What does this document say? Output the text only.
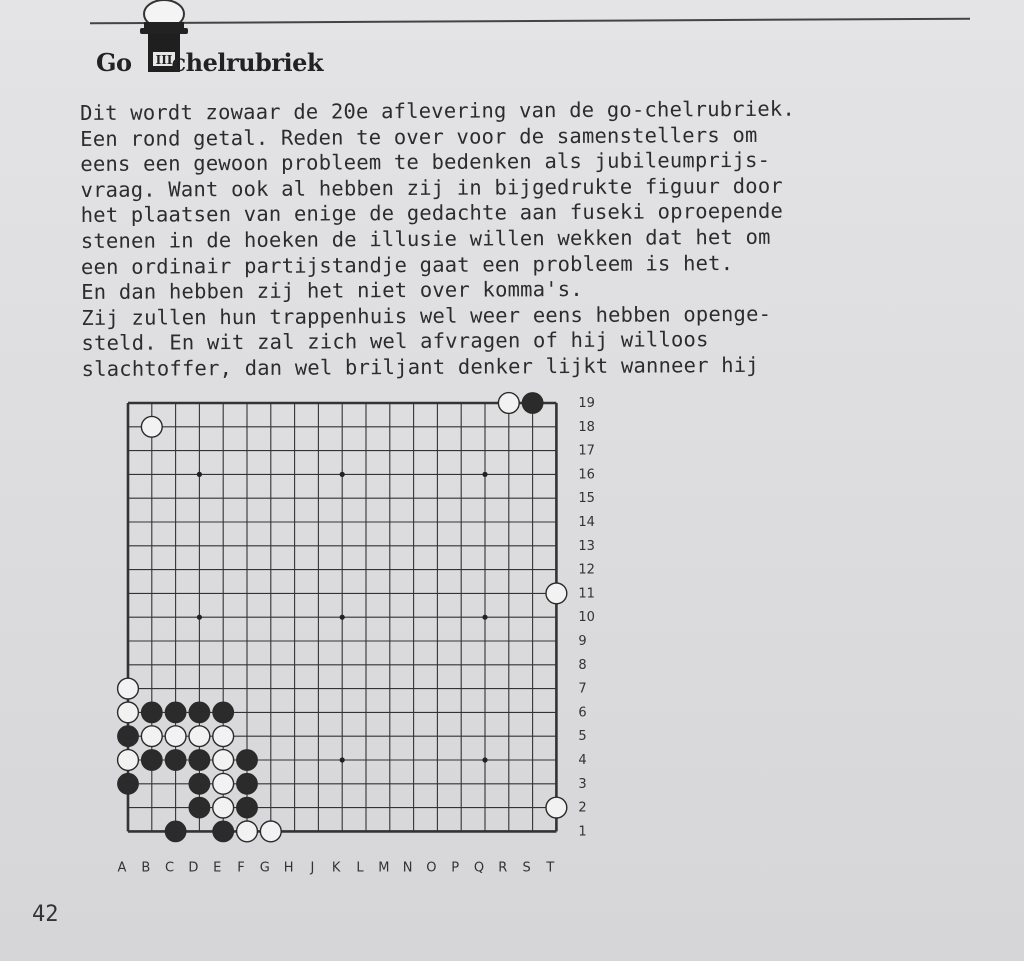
III
Go chelrubriek
Dit wordt zowaar de 20e aflevering van de go-chelrubriek.
Een rond getal. Reden te over voor de samenstellers om
eens een gewoon probleem te bedenken als jubileumprijs-
vraag. Want ook al hebben zij in bijgedrukte figuur door
het plaatsen van enige de gedachte aan fuseki oproepende
stenen in de hoeken de illusie willen wekken dat het om
een ordinair partijstandje gaat een probleem is het.
En dan hebben zij het niet over komma's.
Zij zullen hun trappenhuis wel weer eens hebben openge-
steld. En wit zal zich wel afvragen of hij willoos
slachtoffer, dan wel briljant denker lijkt wanneer hij
A B C D E F G H J K L M N O P Q R S T
19
18
17
16
15
14
13
12
11
10
9
8
7
6
5
4
3
2
1
42
